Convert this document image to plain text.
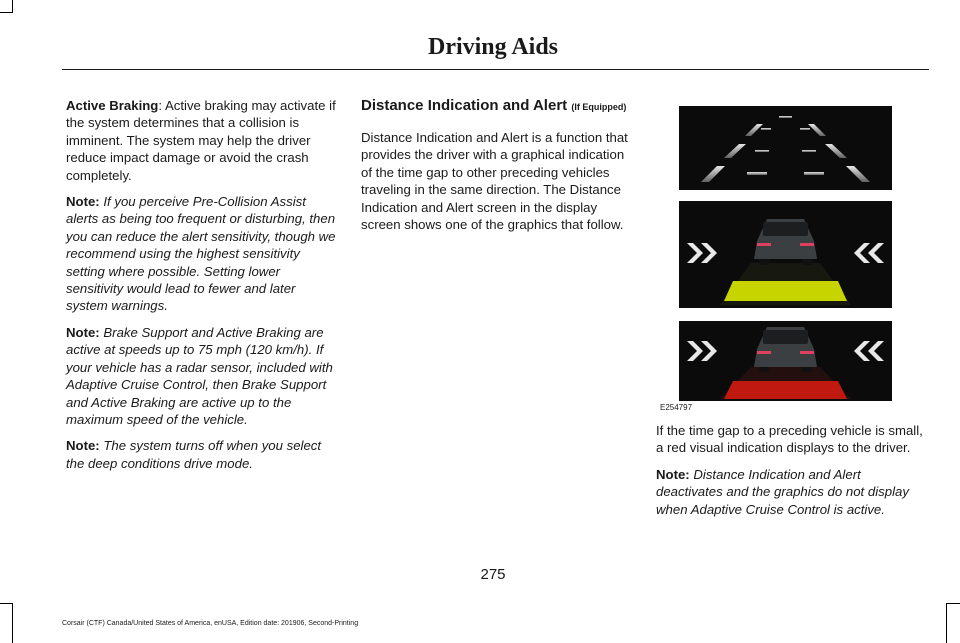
Driving Aids

Active Braking: Active braking may activate if the system determines that a collision is imminent. The system may help the driver reduce impact damage or avoid the crash completely.

Note: If you perceive Pre-Collision Assist alerts as being too frequent or disturbing, then you can reduce the alert sensitivity, though we recommend using the highest sensitivity setting where possible. Setting lower sensitivity would lead to fewer and later system warnings.

Note: Brake Support and Active Braking are active at speeds up to 75 mph (120 km/h). If your vehicle has a radar sensor, included with Adaptive Cruise Control, then Brake Support and Active Braking are active up to the maximum speed of the vehicle.

Note: The system turns off when you select the deep conditions drive mode.

Distance Indication and Alert (If Equipped)

Distance Indication and Alert is a function that provides the driver with a graphical indication of the time gap to other preceding vehicles traveling in the same direction. The Distance Indication and Alert screen in the display screen shows one of the graphics that follow.

E254797

If the time gap to a preceding vehicle is small, a red visual indication displays to the driver.

Note: Distance Indication and Alert deactivates and the graphics do not display when Adaptive Cruise Control is active.

275
Corsair (CTF) Canada/United States of America, enUSA, Edition date: 201906, Second-Printing
